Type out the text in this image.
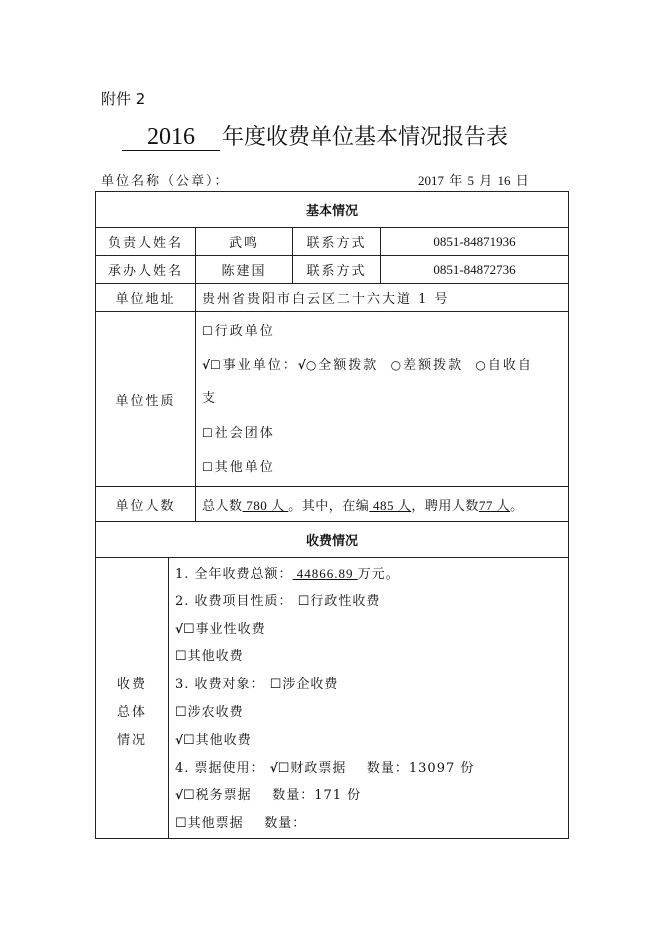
附件 2
2016 年度收费单位基本情况报告表
单位名称（公章）：	2017 年 5 月 16 日
基本情况				
负责人姓名		武鸣	联系方式	0851-84871936
承办人姓名		陈建国	联系方式	0851-84872736
单位地址		贵州省贵阳市白云区二十六大道 1 号		
单位性质		☐行政单位
√☐事业单位：√○全额拨款 ○差额拨款 ○自收自
支
☐社会团体
☐其他单位		

单位人数		总人数 780 人 。其中，在编 485 人，聘用人数77 人。		
收费情况				

收费
总体
情况

1. 全年收费总额： 44866.89 万元。
2. 收费项目性质： ☐行政性收费
√☐事业性收费
☐其他收费
3. 收费对象： ☐涉企收费
☐涉农收费
√☐其他收费
4. 票据使用： √☐财政票据 数量：13097 份
√☐税务票据 数量：171 份
☐其他票据 数量：
